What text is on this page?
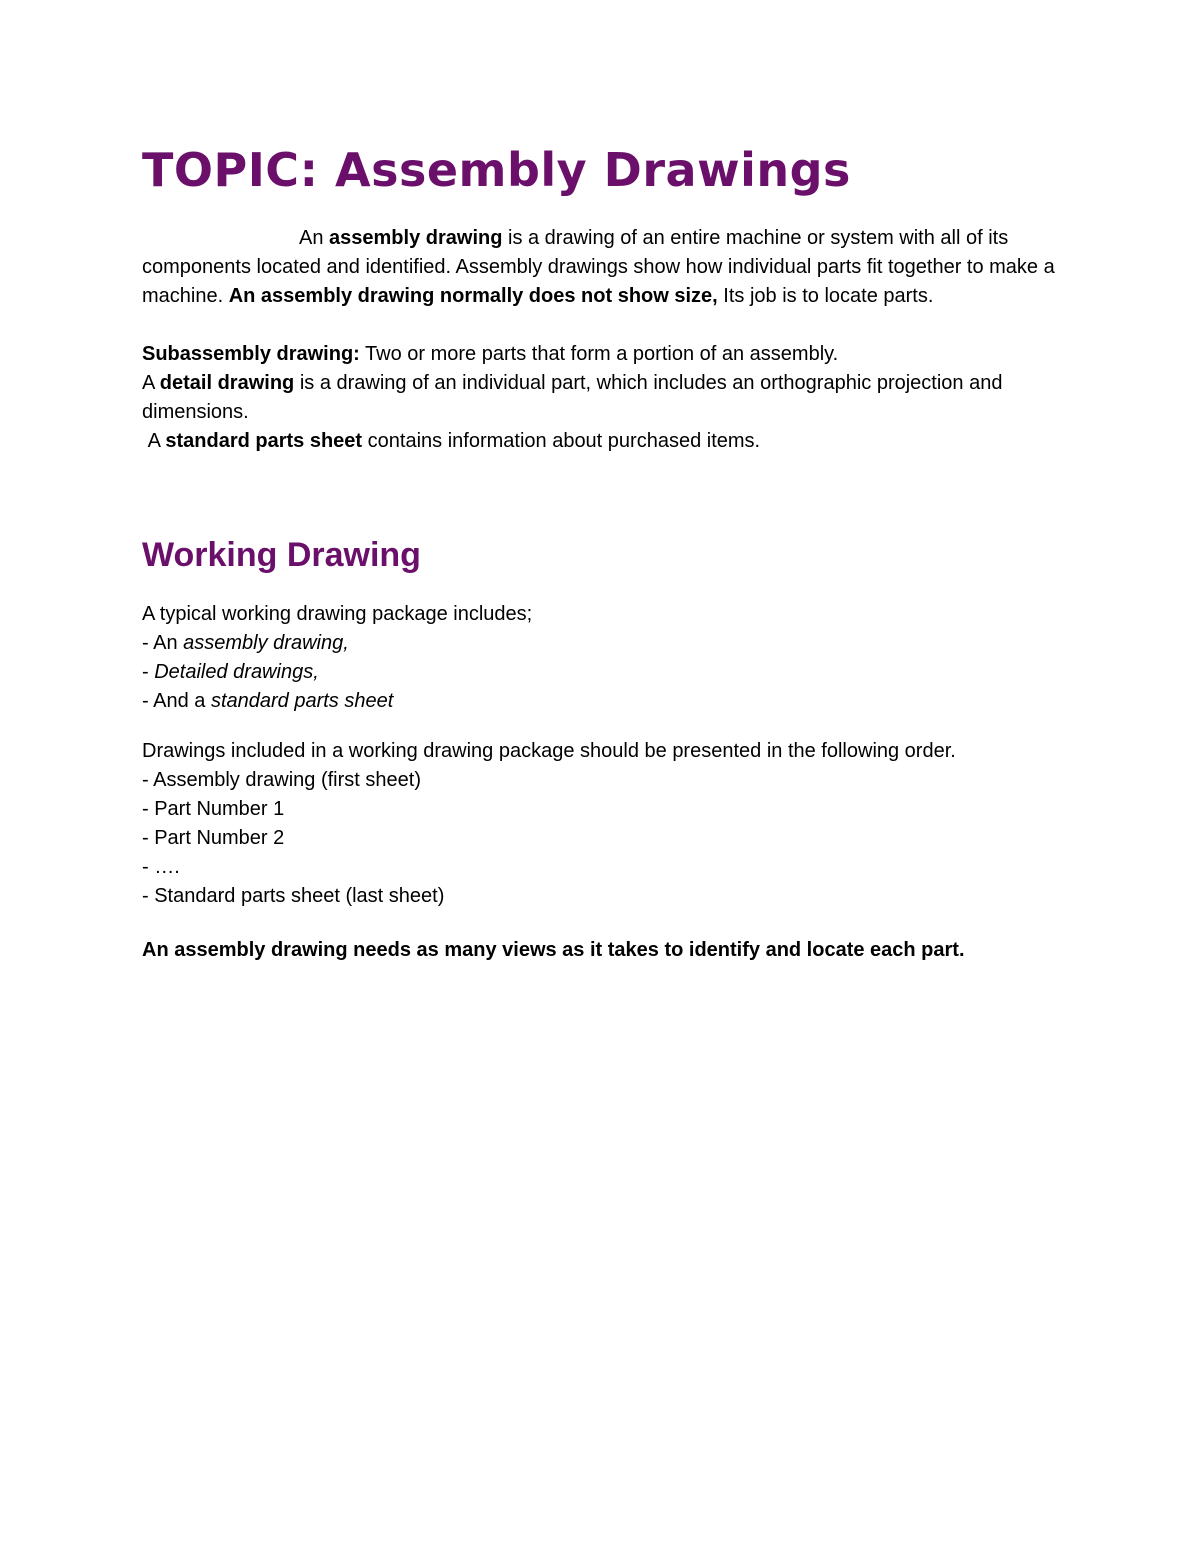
TOPIC: Assembly Drawings

An assembly drawing is a drawing of an entire machine or system with all of its components located and identified. Assembly drawings show how individual parts fit together to make a machine. An assembly drawing normally does not show size, Its job is to locate parts.

Subassembly drawing: Two or more parts that form a portion of an assembly.

A detail drawing is a drawing of an individual part, which includes an orthographic projection and dimensions.

A standard parts sheet contains information about purchased items.

Working Drawing

A typical working drawing package includes;

- An assembly drawing,
- Detailed drawings,
- And a standard parts sheet

Drawings included in a working drawing package should be presented in the following order.

- Assembly drawing (first sheet)
- Part Number 1
- Part Number 2
- ….
- Standard parts sheet (last sheet)

An assembly drawing needs as many views as it takes to identify and locate each part.
